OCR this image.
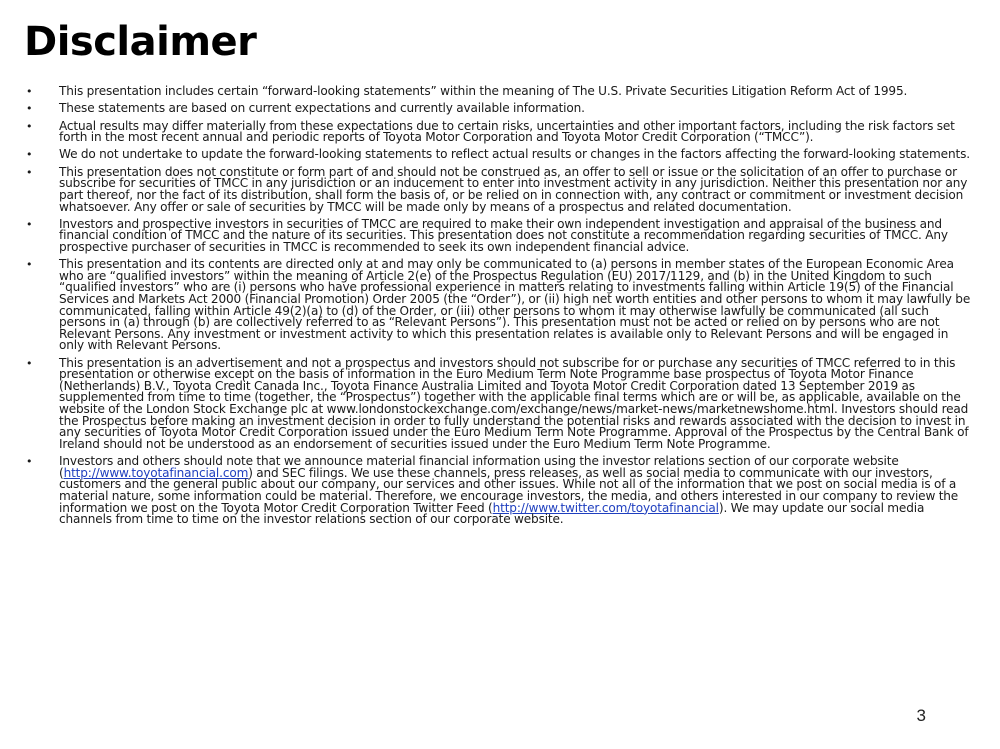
Disclaimer
• This presentation includes certain “forward-looking statements” within the meaning of The U.S. Private Securities Litigation Reform Act of 1995.
• These statements are based on current expectations and currently available information.
• Actual results may differ materially from these expectations due to certain risks, uncertainties and other important factors, including the risk factors set forth in the most recent annual and periodic reports of Toyota Motor Corporation and Toyota Motor Credit Corporation (“TMCC”).
• We do not undertake to update the forward-looking statements to reflect actual results or changes in the factors affecting the forward-looking statements.
• This presentation does not constitute or form part of and should not be construed as, an offer to sell or issue or the solicitation of an offer to purchase or subscribe for securities of TMCC in any jurisdiction or an inducement to enter into investment activity in any jurisdiction. Neither this presentation nor any part thereof, nor the fact of its distribution, shall form the basis of, or be relied on in connection with, any contract or commitment or investment decision whatsoever. Any offer or sale of securities by TMCC will be made only by means of a prospectus and related documentation.
• Investors and prospective investors in securities of TMCC are required to make their own independent investigation and appraisal of the business and financial condition of TMCC and the nature of its securities. This presentation does not constitute a recommendation regarding securities of TMCC. Any prospective purchaser of securities in TMCC is recommended to seek its own independent financial advice.
• This presentation and its contents are directed only at and may only be communicated to (a) persons in member states of the European Economic Area who are “qualified investors” within the meaning of Article 2(e) of the Prospectus Regulation (EU) 2017/1129, and (b) in the United Kingdom to such “qualified investors” who are (i) persons who have professional experience in matters relating to investments falling within Article 19(5) of the Financial Services and Markets Act 2000 (Financial Promotion) Order 2005 (the “Order”), or (ii) high net worth entities and other persons to whom it may lawfully be communicated, falling within Article 49(2)(a) to (d) of the Order, or (iii) other persons to whom it may otherwise lawfully be communicated (all such persons in (a) through (b) are collectively referred to as “Relevant Persons”). This presentation must not be acted or relied on by persons who are not Relevant Persons. Any investment or investment activity to which this presentation relates is available only to Relevant Persons and will be engaged in only with Relevant Persons.
• This presentation is an advertisement and not a prospectus and investors should not subscribe for or purchase any securities of TMCC referred to in this presentation or otherwise except on the basis of information in the Euro Medium Term Note Programme base prospectus of Toyota Motor Finance (Netherlands) B.V., Toyota Credit Canada Inc., Toyota Finance Australia Limited and Toyota Motor Credit Corporation dated 13 September 2019 as supplemented from time to time (together, the “Prospectus”) together with the applicable final terms which are or will be, as applicable, available on the website of the London Stock Exchange plc at www.londonstockexchange.com/exchange/news/market-news/marketnewshome.html. Investors should read the Prospectus before making an investment decision in order to fully understand the potential risks and rewards associated with the decision to invest in any securities of Toyota Motor Credit Corporation issued under the Euro Medium Term Note Programme. Approval of the Prospectus by the Central Bank of Ireland should not be understood as an endorsement of securities issued under the Euro Medium Term Note Programme.
• Investors and others should note that we announce material financial information using the investor relations section of our corporate website (http://www.toyotafinancial.com) and SEC filings. We use these channels, press releases, as well as social media to communicate with our investors, customers and the general public about our company, our services and other issues. While not all of the information that we post on social media is of a material nature, some information could be material. Therefore, we encourage investors, the media, and others interested in our company to review the information we post on the Toyota Motor Credit Corporation Twitter Feed (http://www.twitter.com/toyotafinancial). We may update our social media channels from time to time on the investor relations section of our corporate website.
3
